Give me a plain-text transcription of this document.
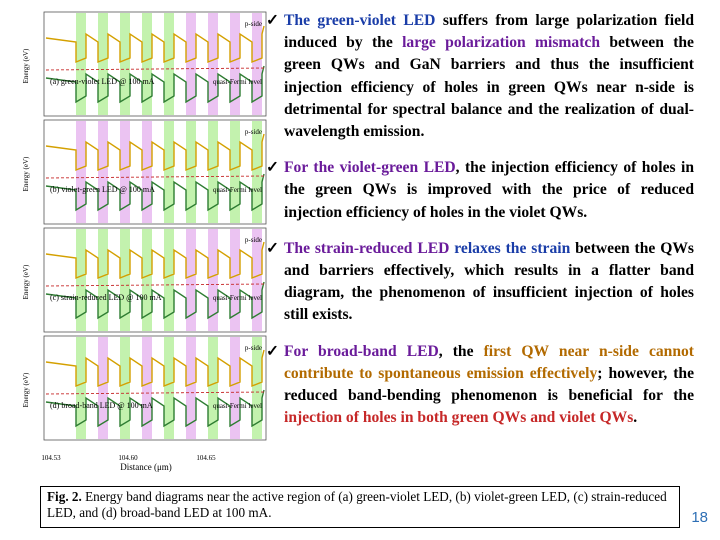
(a) green-violet LED @ 100 mA
p-side
quasi-Fermi level
Energy (eV)
(b) violet-green LED @ 100 mA
p-side
quasi-Fermi level
Energy (eV)
(c) strain-reduced LED @ 100 mA
p-side
quasi-Fermi level
Energy (eV)
(d) broad-band LED @ 100 mA
p-side
quasi-Fermi level
Energy (eV)
Distance (μm)
104.53	104.60	104.65
✓ The green-violet LED suffers from large polarization field induced by the large polarization mismatch between the green QWs and GaN barriers and thus the insufficient injection efficiency of holes in green QWs near n-side is detrimental for spectral balance and the realization of dual-wavelength emission.
✓ For the violet-green LED, the injection efficiency of holes in the green QWs is improved with the price of reduced injection efficiency of holes in the violet QWs.
✓ The strain-reduced LED relaxes the strain between the QWs and barriers effectively, which results in a flatter band diagram, the phenomenon of insufficient injection of holes still exists.
✓ For broad-band LED, the first QW near n-side cannot contribute to spontaneous emission effectively; however, the reduced band-bending phenomenon is beneficial for the injection of holes in both green QWs and violet QWs.
Fig. 2. Energy band diagrams near the active region of (a) green-violet LED, (b) violet-green LED, (c) strain-reduced LED, and (d) broad-band LED at 100 mA.	18
